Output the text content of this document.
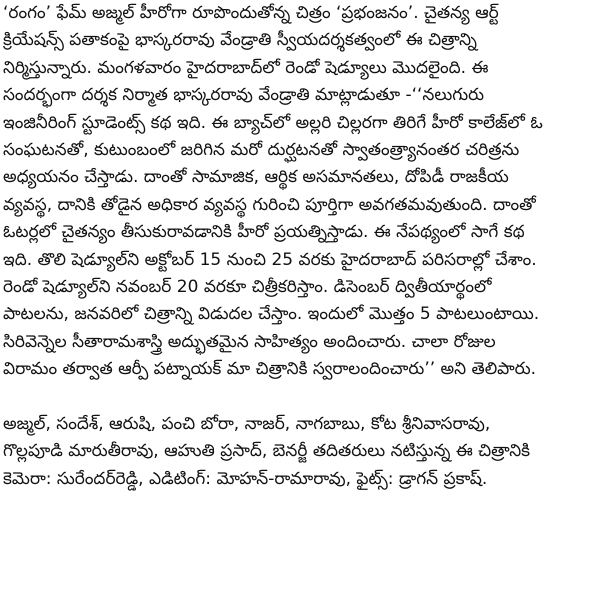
‘రంగం’ ఫేమ్ అజ్మల్ హీరోగా రూపొందుతోన్న చిత్రం ‘ప్రభంజనం’. చైతన్య ఆర్ట్
క్రియేషన్స్ పతాకంపై భాస్కరరావు వేండ్రాతి స్వీయదర్శకత్వంలో ఈ చిత్రాన్ని
నిర్మిస్తున్నారు. మంగళవారం హైదరాబాద్‌లో రెండో షెడ్యూలు మొదలైంది. ఈ
సందర్భంగా దర్శక నిర్మాత భాస్కరరావు వేండ్రాతి మాట్లాడుతూ -‘‘నలుగురు
ఇంజినీరింగ్ స్టూడెంట్స్ కథ ఇది. ఈ బ్యాచ్‌లో అల్లరి చిల్లరగా తిరిగే హీరో కాలేజ్‌లో ఓ
సంఘటనతో, కుటుంబంలో జరిగిన మరో దుర్ఘటనతో స్వాతంత్ర్యానంతర చరిత్రను
అధ్యయనం చేస్తాడు. దాంతో సామాజిక, ఆర్థిక అసమానతలు, దోపిడీ రాజకీయ
వ్యవస్థ, దానికి తోడైన అధికార వ్యవస్థ గురించి పూర్తిగా అవగతమవుతుంది. దాంతో
ఓటర్లలో చైతన్యం తీసుకురావడానికి హీరో ప్రయత్నిస్తాడు. ఈ నేపథ్యంలో సాగే కథ
ఇది. తొలి షెడ్యూల్‌ని అక్టోబర్ 15 నుంచి 25 వరకు హైదరాబాద్ పరిసరాల్లో చేశాం.
రెండో షెడ్యూల్‌ని నవంబర్ 20 వరకూ చిత్రీకరిస్తాం. డిసెంబర్ ద్వితీయార్థంలో
పాటలను, జనవరిలో చిత్రాన్ని విడుదల చేస్తాం. ఇందులో మొత్తం 5 పాటలుంటాయి.
సిరివెన్నెల సీతారామశాస్త్రి అద్భుతమైన సాహిత్యం అందించారు. చాలా రోజుల
విరామం తర్వాత ఆర్పీ పట్నాయక్ మా చిత్రానికి స్వరాలందించారు’’ అని తెలిపారు.
అజ్మల్, సందేశ్, ఆరుషి, పంచి బోరా, నాజర్, నాగబాబు, కోట శ్రీనివాసరావు,
గొల్లపూడి మారుతీరావు, ఆహుతి ప్రసాద్, బెనర్జీ తదితరులు నటిస్తున్న ఈ చిత్రానికి
కెమెరా: సురేందర్‌రెడ్డి, ఎడిటింగ్: మోహన్-రామారావు, ఫైట్స్: డ్రాగన్ ప్రకాష్.
